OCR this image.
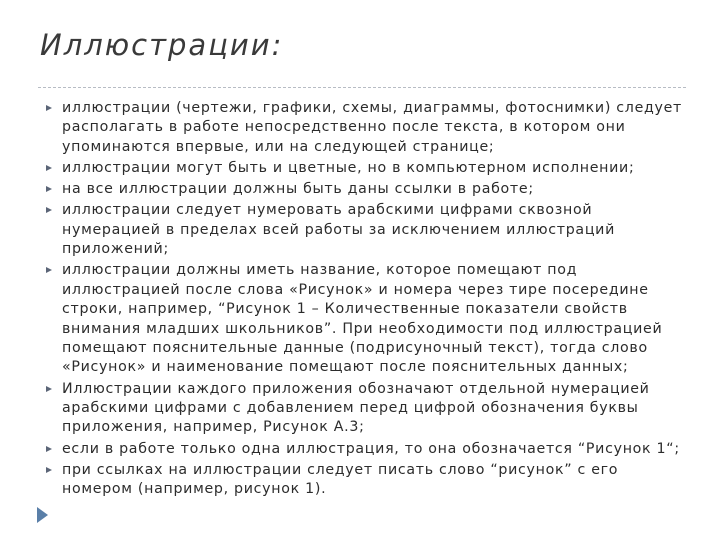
Иллюстрации:
иллюстрации (чертежи, графики, схемы, диаграммы, фотоснимки) следует располагать в работе непосредственно после текста, в котором они упоминаются впервые, или на следующей странице;
иллюстрации могут быть и цветные, но в компьютерном исполнении;
на все иллюстрации должны быть даны ссылки в работе;
иллюстрации следует нумеровать арабскими цифрами сквозной нумерацией в пределах всей работы за исключением иллюстраций приложений;
иллюстрации должны иметь название, которое помещают под иллюстрацией после слова «Рисунок» и номера через тире посередине строки, например, “Рисунок 1 – Количественные показатели свойств внимания младших школьников”. При необходимости под иллюстрацией помещают пояснительные данные (подрисуночный текст), тогда слово «Рисунок» и наименование помещают после пояснительных данных;
Иллюстрации каждого приложения обозначают отдельной нумерацией арабскими цифрами с добавлением перед цифрой обозначения буквы приложения, например, Рисунок А.3;
если в работе только одна иллюстрация, то она обозначается “Рисунок 1“;
при ссылках на иллюстрации следует писать слово “рисунок” с его номером (например, рисунок 1).
